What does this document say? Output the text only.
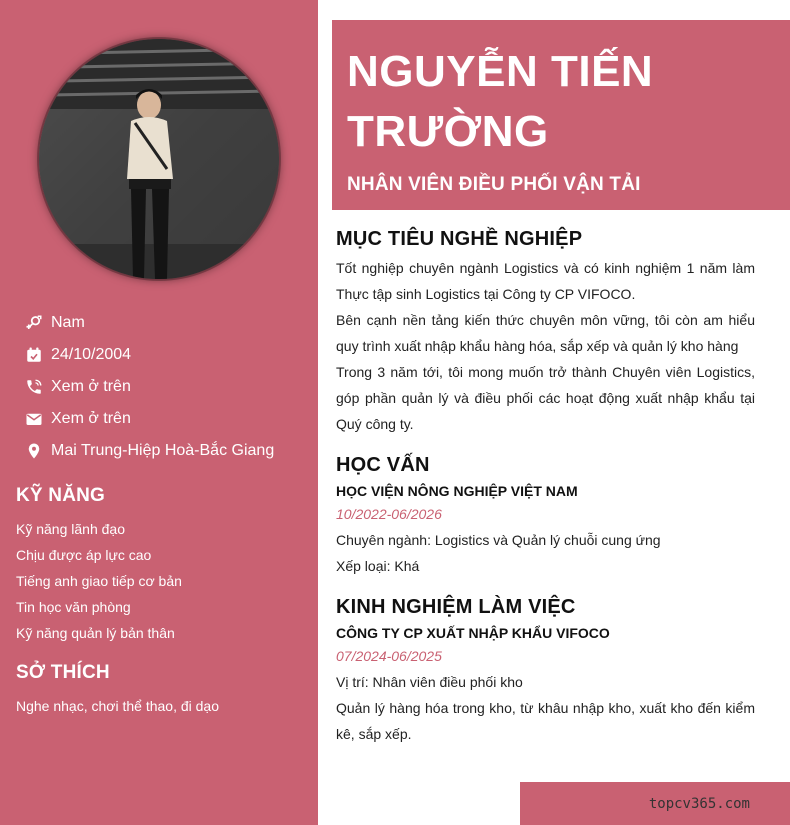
Nam
24/10/2004
Xem ở trên
Xem ở trên
Mai Trung-Hiệp Hoà-Bắc Giang
KỸ NĂNG
Kỹ năng lãnh đạo
Chịu được áp lực cao
Tiếng anh giao tiếp cơ bản
Tin học văn phòng
Kỹ năng quản lý bản thân
SỞ THÍCH
Nghe nhạc, chơi thể thao, đi dạo
NGUYỄN TIẾN TRƯỜNG
NHÂN VIÊN ĐIỀU PHỐI VẬN TẢI
MỤC TIÊU NGHỀ NGHIỆP
Tốt nghiệp chuyên ngành Logistics và có kinh nghiệm 1 năm làm Thực tập sinh Logistics tại Công ty CP VIFOCO.
Bên cạnh nền tảng kiến thức chuyên môn vững, tôi còn am hiểu quy trình xuất nhập khẩu hàng hóa, sắp xếp và quản lý kho hàng
Trong 3 năm tới, tôi mong muốn trở thành Chuyên viên Logistics, góp phần quản lý và điều phối các hoạt động xuất nhập khẩu tại Quý công ty.
HỌC VẤN
HỌC VIỆN NÔNG NGHIỆP VIỆT NAM
10/2022-06/2026
Chuyên ngành: Logistics và Quản lý chuỗi cung ứng
Xếp loại: Khá
KINH NGHIỆM LÀM VIỆC
CÔNG TY CP XUẤT NHẬP KHẨU VIFOCO
07/2024-06/2025
Vị trí: Nhân viên điều phối kho
Quản lý hàng hóa trong kho, từ khâu nhập kho, xuất kho đến kiểm kê, sắp xếp.
topcv365.com
